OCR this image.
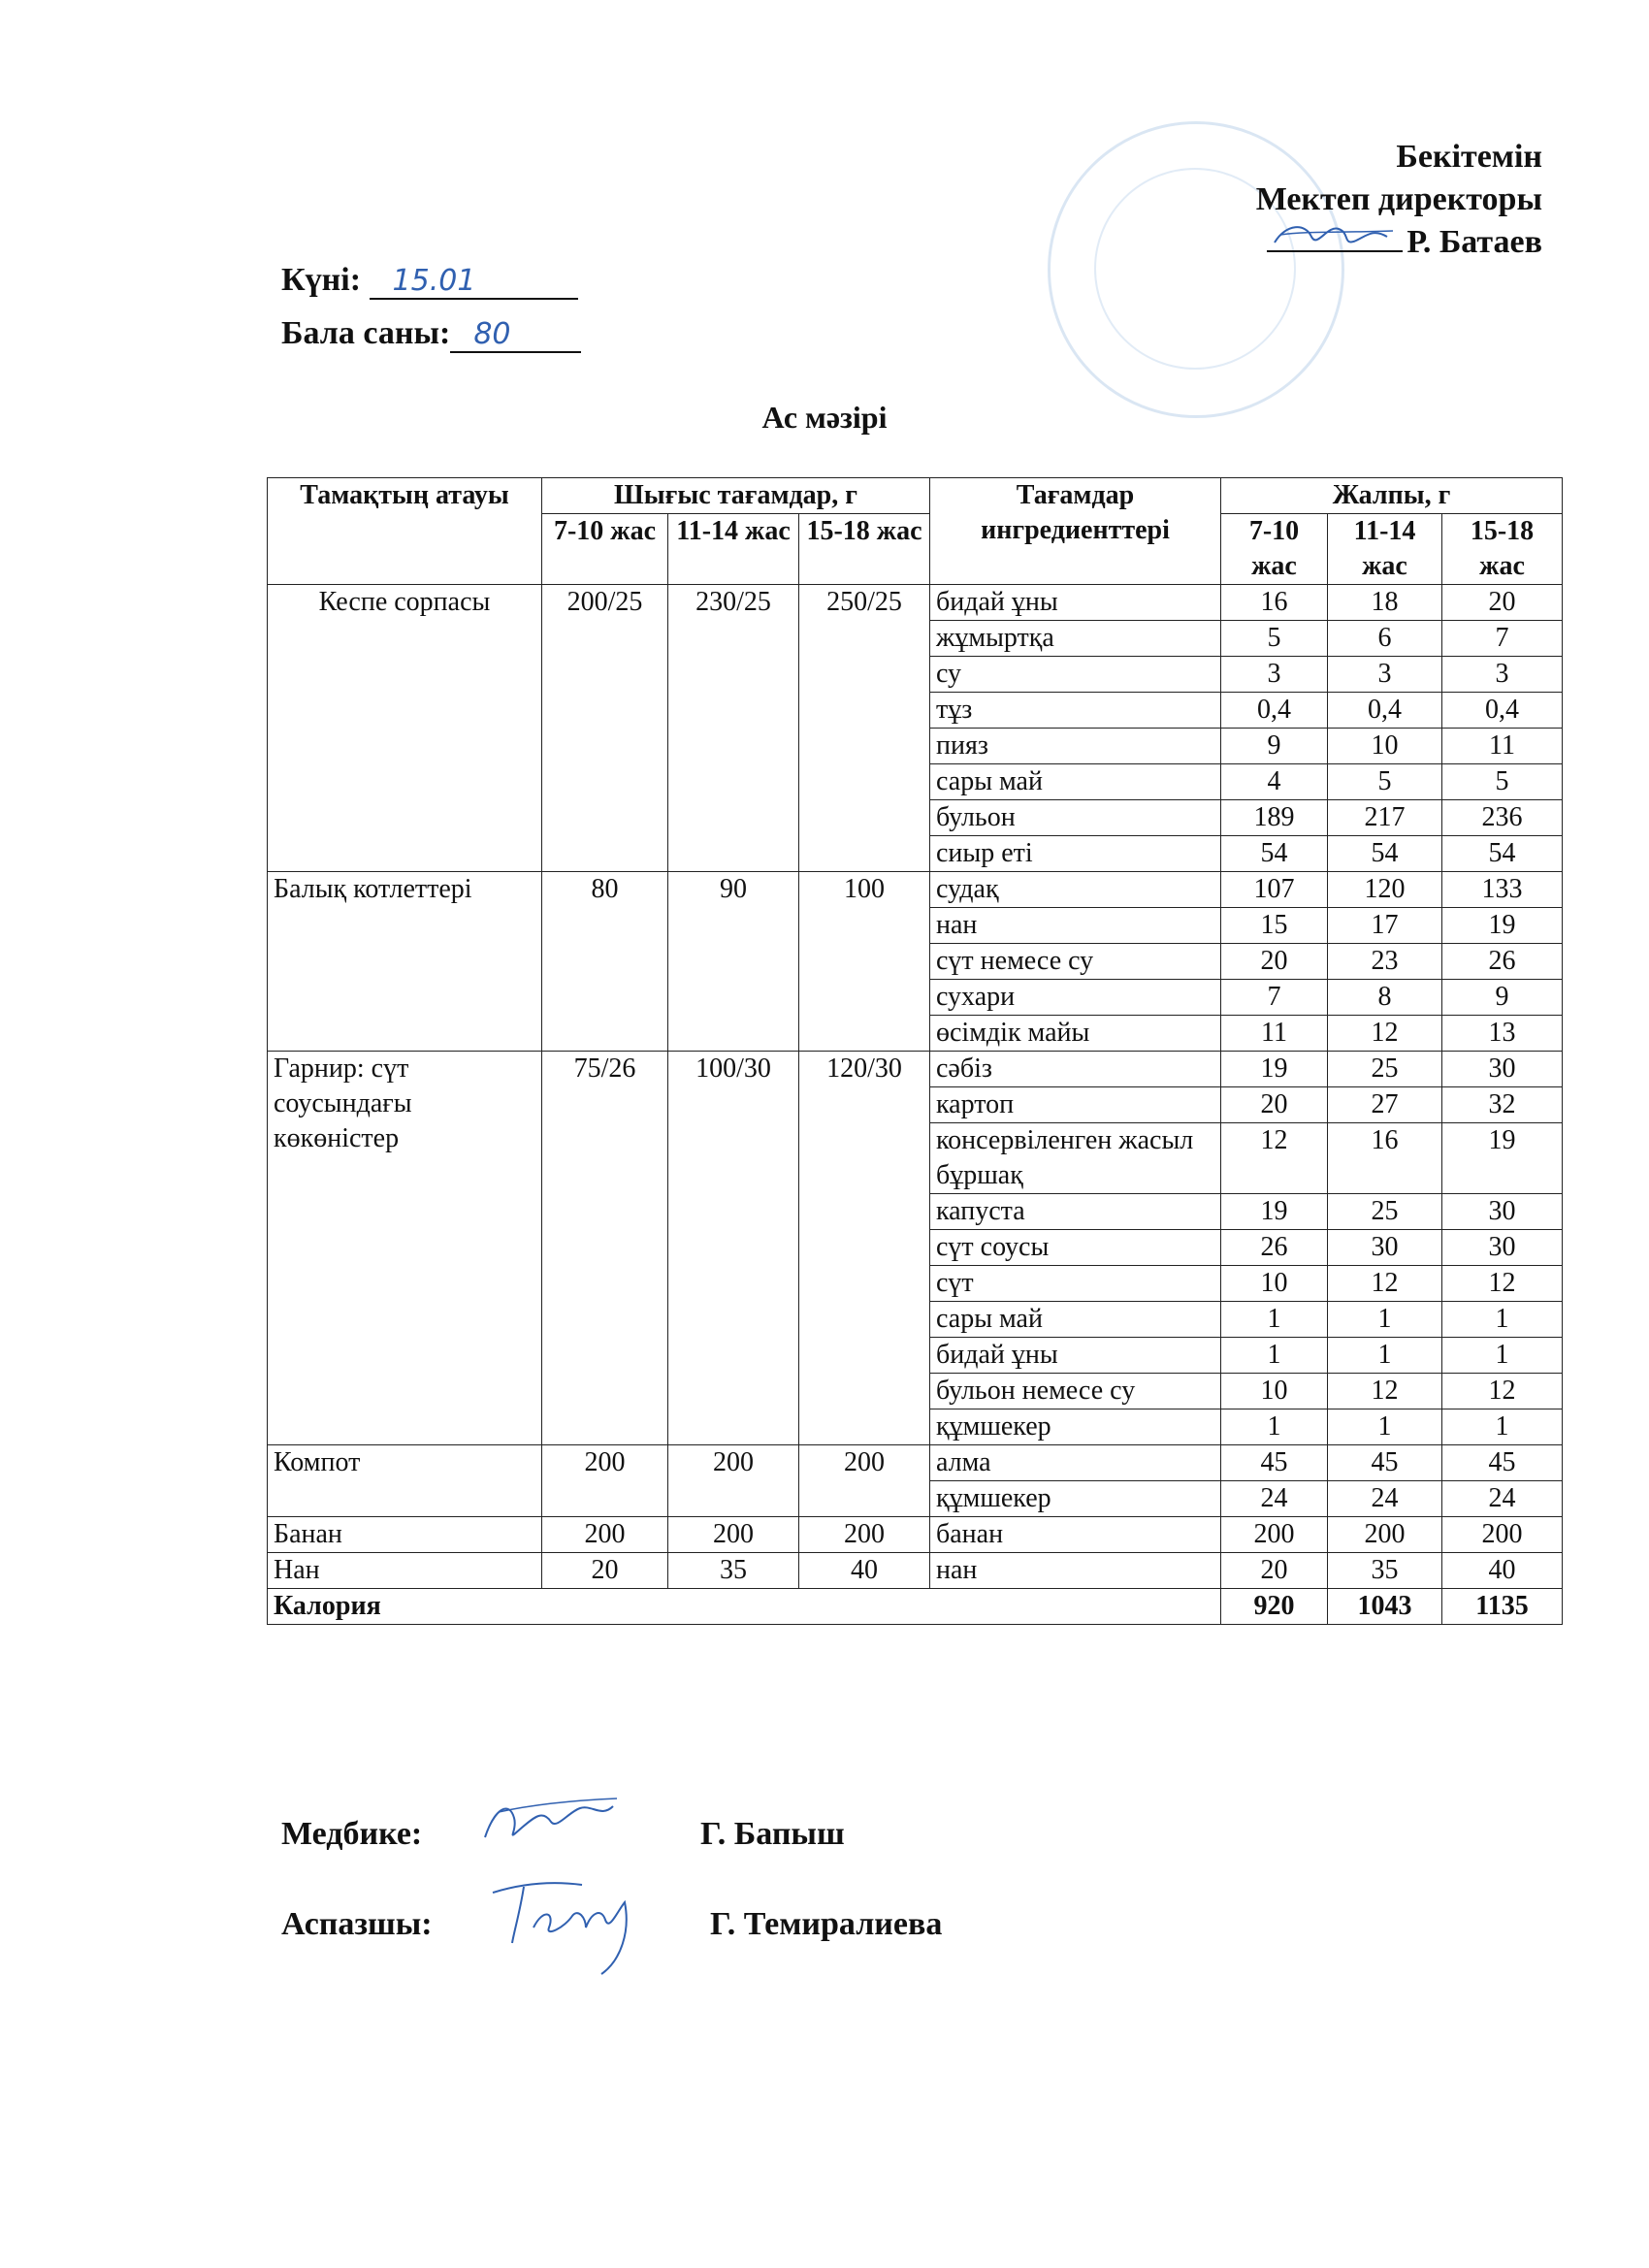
Бекітемін
Мектеп директоры
Р. Батаев
Күні: 15.01
Бала саны: 80
Ас мәзірі
Тамақтың атауы	Шығыс тағамдар, г			Тағамдар ингредиенттері	Жалпы, г		
	7-10 жас	11-14 жас	15-18 жас		7-10 жас	11-14 жас	15-18 жас
Кеспе сорпасы	200/25	230/25	250/25	бидай ұны	16	18	20
				жұмыртқа	5	6	7
				су	3	3	3
				тұз	0,4	0,4	0,4
				пияз	9	10	11
				сары май	4	5	5
				бульон	189	217	236
				сиыр еті	54	54	54
Балық котлеттері	80	90	100	судақ	107	120	133
				нан	15	17	19
				сүт немесе су	20	23	26
				сухари	7	8	9
				өсімдік майы	11	12	13
Гарнир: сүт соусындағы көкөністер	75/26	100/30	120/30	сәбіз	19	25	30
				картоп	20	27	32
				консервіленген жасыл бұршақ	12	16	19
				капуста	19	25	30
				сүт соусы	26	30	30
				сүт	10	12	12
				сары май	1	1	1
				бидай ұны	1	1	1
				бульон немесе су	10	12	12
				құмшекер	1	1	1
Компот	200	200	200	алма	45	45	45
				құмшекер	24	24	24
Банан	200	200	200	банан	200	200	200
Нан	20	35	40	нан	20	35	40
Калория					920	1043	1135
Медбике:	Г. Бапыш
Аспазшы:	Г. Темиралиева
